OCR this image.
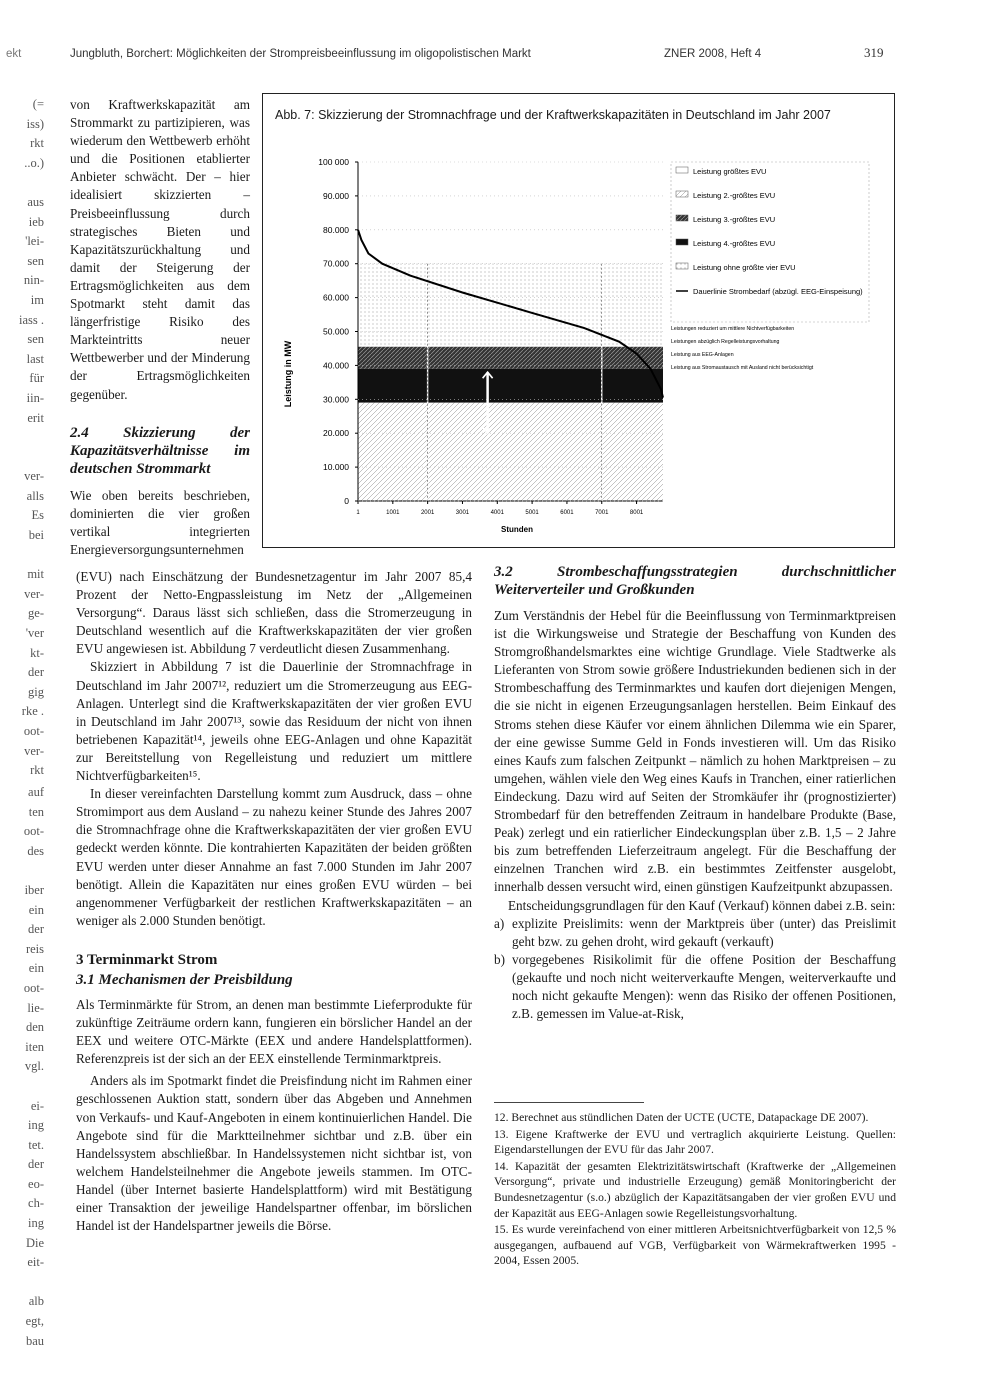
ekt	Jungbluth, Borchert: Möglichkeiten der Strompreisbeeinflussung im oligopolistischen Markt	ZNER 2008, Heft 4	319
(=
iss)
rkt
..o.)
aus
ieb
'lei-
sen
nin-
im
iass .
sen
last
für
iin-
erit
ver-
alls
Es
bei
mit
ver-
ge-
'ver
kt-
der
gig
rke .
oot-
ver-
rkt
auf
ten
oot-
des
iber
ein
der
reis
ein
oot-
lie-
den
iten
vgl.
ei-
ing
tet.
der
eo-
ch-
ing
Die
eit-
alb
egt,
bau

von Kraftwerkskapazität am Strommarkt zu partizipieren, was wiederum den Wettbewerb erhöht und die Positionen etablierter Anbieter schwächt. Der – hier idealisiert skizzierten – Preisbeeinflussung durch strategisches Bieten und Kapazitätszurückhaltung und damit der Steigerung der Ertragsmöglichkeiten aus dem Spotmarkt steht damit das längerfristige Risiko des Markteintritts neuer Wettbewerber und der Minderung der Ertragsmöglichkeiten gegenüber.

2.4 Skizzierung der Kapazitätsverhältnisse im deutschen Strommarkt

Wie oben bereits beschrieben, dominierten die vier großen vertikal integrierten Energieversorgungsunternehmen

Abb. 7: Skizzierung der Stromnachfrage und der Kraftwerkskapazitäten in Deutschland im Jahr 2007
0
10.000
20.000
30.000
40.000
50.000
60.000
70.000
80.000
90.000
100 000
1	1001	2001	3001	4001	5001	6001	7001	8001
Leistung größtes EVU
Leistung 2.-größtes EVU
Leistung 3.-größtes EVU
Leistung 4.-größtes EVU
Leistung ohne größte vier EVU
Dauerlinie Strombedarf (abzügl. EEG-Einspeisung)
Leistungen reduziert um mittlere Nichtverfügbarkeiten
Leistungen abzüglich Regelleistungsvorhaltung
Leistung aus EEG-Anlagen
Leistung aus Stromaustausch mit Ausland nicht berücksichtigt
Leistung in MW
Stunden

(EVU) nach Einschätzung der Bundesnetzagentur im Jahr 2007 85,4 Prozent der Netto-Engpassleistung im Netz der „Allgemeinen Versorgung“. Daraus lässt sich schließen, dass die Stromerzeugung in Deutschland wesentlich auf die Kraftwerkskapazitäten der vier großen EVU angewiesen ist. Abbildung 7 verdeutlicht diesen Zusammenhang.

Skizziert in Abbildung 7 ist die Dauerlinie der Stromnachfrage in Deutschland im Jahr 2007¹², reduziert um die Stromerzeugung aus EEG-Anlagen. Unterlegt sind die Kraftwerkskapazitäten der vier großen EVU in Deutschland im Jahr 2007¹³, sowie das Residuum der nicht von ihnen betriebenen Kapazität¹⁴, jeweils ohne EEG-Anlagen und ohne Kapazität zur Bereitstellung von Regelleistung und reduziert um mittlere Nichtverfügbarkeiten¹⁵.

In dieser vereinfachten Darstellung kommt zum Ausdruck, dass – ohne Stromimport aus dem Ausland – zu nahezu keiner Stunde des Jahres 2007 die Stromnachfrage ohne die Kraftwerkskapazitäten der vier großen EVU gedeckt werden könnte. Die kontrahierten Kapazitäten der beiden größten EVU werden unter dieser Annahme an fast 7.000 Stunden im Jahr 2007 benötigt. Allein die Kapazitäten nur eines großen EVU würden – bei angenommener Verfügbarkeit der restlichen Kraftwerkskapazitäten – an weniger als 2.000 Stunden benötigt.

3 Terminmarkt Strom

3.1 Mechanismen der Preisbildung

Als Terminmärkte für Strom, an denen man bestimmte Lieferprodukte für zukünftige Zeiträume ordern kann, fungieren ein börslicher Handel an der EEX und weitere OTC-Märkte (EEX und andere Handelsplattformen). Referenzpreis ist der sich an der EEX einstellende Terminmarktpreis.

Anders als im Spotmarkt findet die Preisfindung nicht im Rahmen einer geschlossenen Auktion statt, sondern über das Abgeben und Annehmen von Verkaufs- und Kauf-Angeboten in einem kontinuierlichen Handel. Die Angebote sind für die Marktteilnehmer sichtbar und z.B. über ein Handelssystem abschließbar. In Handelssystemen nicht sichtbar ist, von welchem Handelsteilnehmer die Angebote jeweils stammen. Im OTC-Handel (über Internet basierte Handelsplattform) wird mit Bestätigung einer Transaktion der jeweilige Handelspartner offenbar, im börslichen Handel ist der Handelspartner jeweils die Börse.

3.2 Strombeschaffungsstrategien durchschnittlicher Weiterverteiler und Großkunden

Zum Verständnis der Hebel für die Beeinflussung von Terminmarktpreisen ist die Wirkungsweise und Strategie der Beschaffung von Kunden des Stromgroßhandelsmarktes eine wichtige Grundlage. Viele Stadtwerke als Lieferanten von Strom sowie größere Industriekunden bedienen sich in der Strombeschaffung des Terminmarktes und kaufen dort diejenigen Mengen, die sie nicht in eigenen Erzeugungsanlagen herstellen. Beim Einkauf des Stroms stehen diese Käufer vor einem ähnlichen Dilemma wie ein Sparer, der eine gewisse Summe Geld in Fonds investieren will. Um das Risiko eines Kaufs zum falschen Zeitpunkt – nämlich zu hohen Marktpreisen – zu umgehen, wählen viele den Weg eines Kaufs in Tranchen, einer ratierlichen Eindeckung. Dazu wird auf Seiten der Stromkäufer ihr (prognostizierter) Strombedarf für den betreffenden Zeitraum in handelbare Produkte (Base, Peak) zerlegt und ein ratierlicher Eindeckungsplan über z.B. 1,5 – 2 Jahre bis zum betreffenden Lieferzeitraum angelegt. Für die Beschaffung der einzelnen Tranchen wird z.B. ein bestimmtes Zeitfenster ausgelobt, innerhalb dessen versucht wird, einen günstigen Kaufzeitpunkt abzupassen.

Entscheidungsgrundlagen für den Kauf (Verkauf) können dabei z.B. sein:

a) explizite Preislimits: wenn der Marktpreis über (unter) das Preislimit geht bzw. zu gehen droht, wird gekauft (verkauft)
b) vorgegebenes Risikolimit für die offene Position der Beschaffung (gekaufte und noch nicht weiterverkaufte Mengen, weiterverkaufte und noch nicht gekaufte Mengen): wenn das Risiko der offenen Positionen, z.B. gemessen im Value-at-Risk,

12. Berechnet aus stündlichen Daten der UCTE (UCTE, Datapackage DE 2007).

13. Eigene Kraftwerke der EVU und vertraglich akquirierte Leistung. Quellen: Eigendarstellungen der EVU für das Jahr 2007.

14. Kapazität der gesamten Elektrizitätswirtschaft (Kraftwerke der „Allgemeinen Versorgung“, private und industrielle Erzeugung) gemäß Monitoringbericht der Bundesnetzagentur (s.o.) abzüglich der Kapazitätsangaben der vier großen EVU und der Kapazität aus EEG-Anlagen sowie Regelleistungsvorhaltung.

15. Es wurde vereinfachend von einer mittleren Arbeitsnichtverfügbarkeit von 12,5 % ausgegangen, aufbauend auf VGB, Verfügbarkeit von Wärmekraftwerken 1995 - 2004, Essen 2005.
